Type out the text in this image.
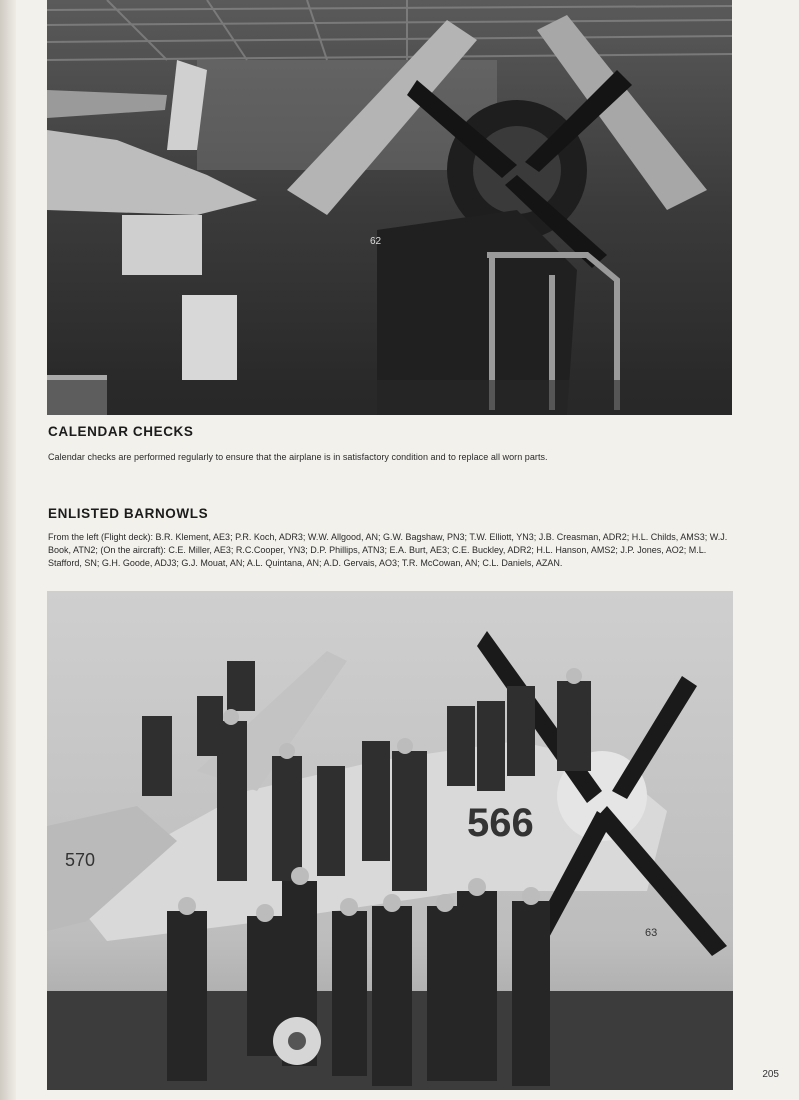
62
CALENDAR CHECKS

Calendar checks are performed regularly to ensure that the airplane is in satisfactory condition and to replace all worn parts.

ENLISTED BARNOWLS

From the left (Flight deck): B.R. Klement, AE3; P.R. Koch, ADR3; W.W. Allgood, AN; G.W. Bagshaw, PN3; T.W. Elliott, YN3; J.B. Creasman, ADR2; H.L. Childs, AMS3; W.J. Book, ATN2; (On the aircraft): C.E. Miller, AE3; R.C.Cooper, YN3; D.P. Phillips, ATN3; E.A. Burt, AE3; C.E. Buckley, ADR2; H.L. Hanson, AMS2; J.P. Jones, AO2; M.L. Stafford, SN; G.H. Goode, ADJ3; G.J. Mouat, AN; A.L. Quintana, AN; A.D. Gervais, AO3; T.R. McCowan, AN; C.L. Daniels, AZAN.

566
570
63
205
